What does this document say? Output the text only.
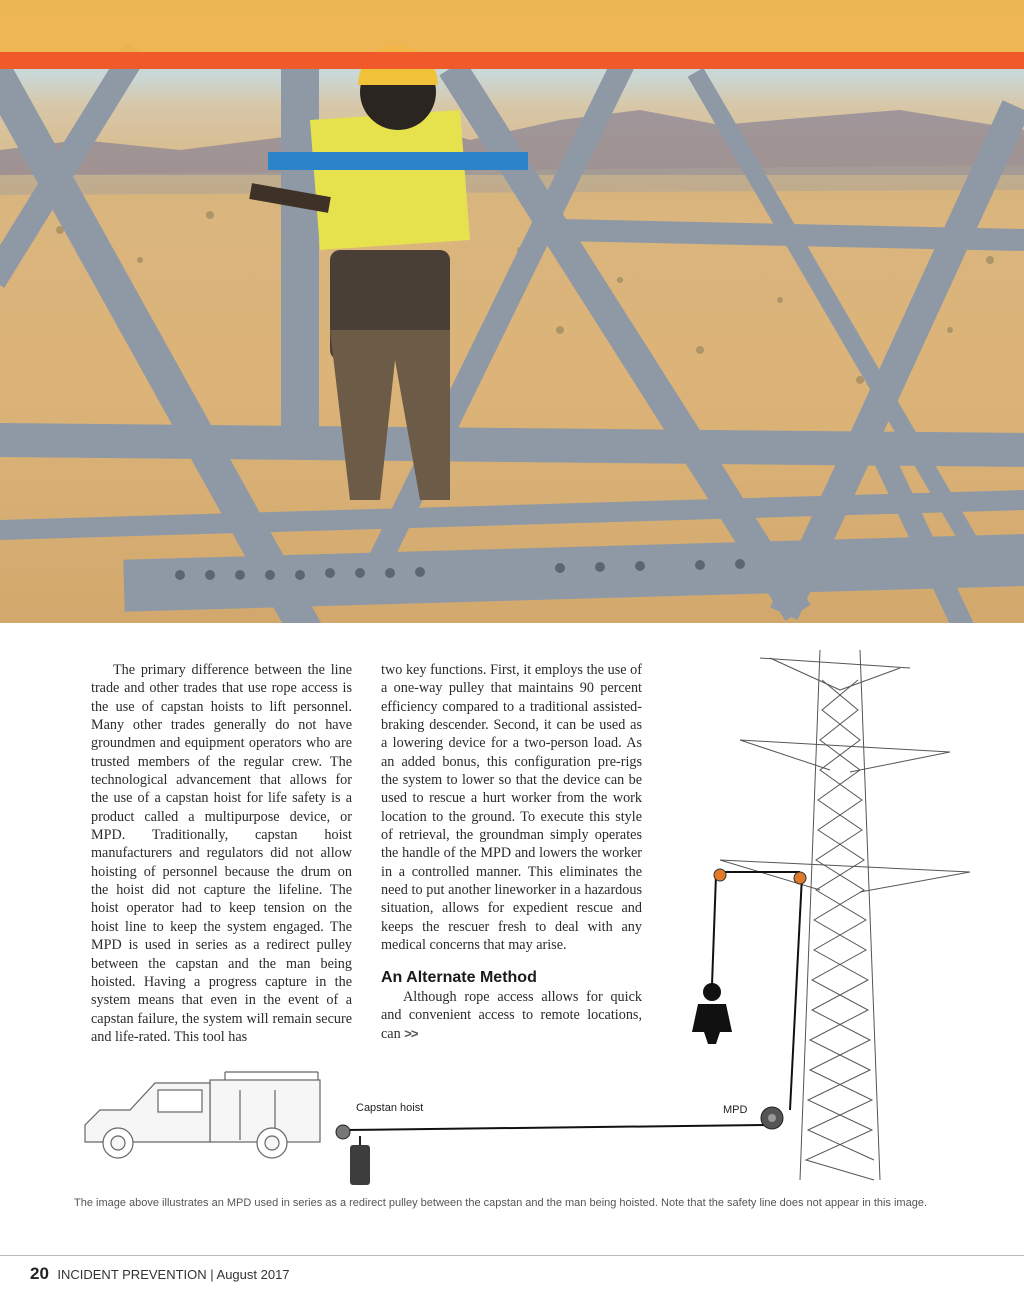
Capstan hoist	MPD

The primary difference between the line trade and other trades that use rope access is the use of capstan hoists to lift personnel. Many other trades generally do not have groundmen and equipment operators who are trusted members of the regular crew. The technological advancement that allows for the use of a capstan hoist for life safety is a product called a multipurpose device, or MPD. Traditionally, capstan hoist manufacturers and regulators did not allow hoisting of personnel because the drum on the hoist did not capture the lifeline. The hoist operator had to keep tension on the hoist line to keep the system engaged. The MPD is used in series as a redirect pulley between the capstan and the man being hoisted. Having a progress capture in the system means that even in the event of a capstan failure, the system will remain secure and life-rated. This tool has

two key functions. First, it employs the use of a one-way pulley that maintains 90 percent efficiency compared to a traditional assisted-braking descender. Second, it can be used as a lowering device for a two-person load. As an added bonus, this configuration pre-rigs the system to lower so that the device can be used to rescue a hurt worker from the work location to the ground. To execute this style of retrieval, the groundman simply operates the handle of the MPD and lowers the worker in a controlled manner. This eliminates the need to put another lineworker in a hazardous situation, allows for expedient rescue and keeps the rescuer fresh to deal with any medical concerns that may arise.

An Alternate Method

Although rope access allows for quick and convenient access to remote locations, can >>

The image above illustrates an MPD used in series as a redirect pulley between the capstan and the man being hoisted. Note that the safety line does not appear in this image.
20 INCIDENT PREVENTION | August 2017
